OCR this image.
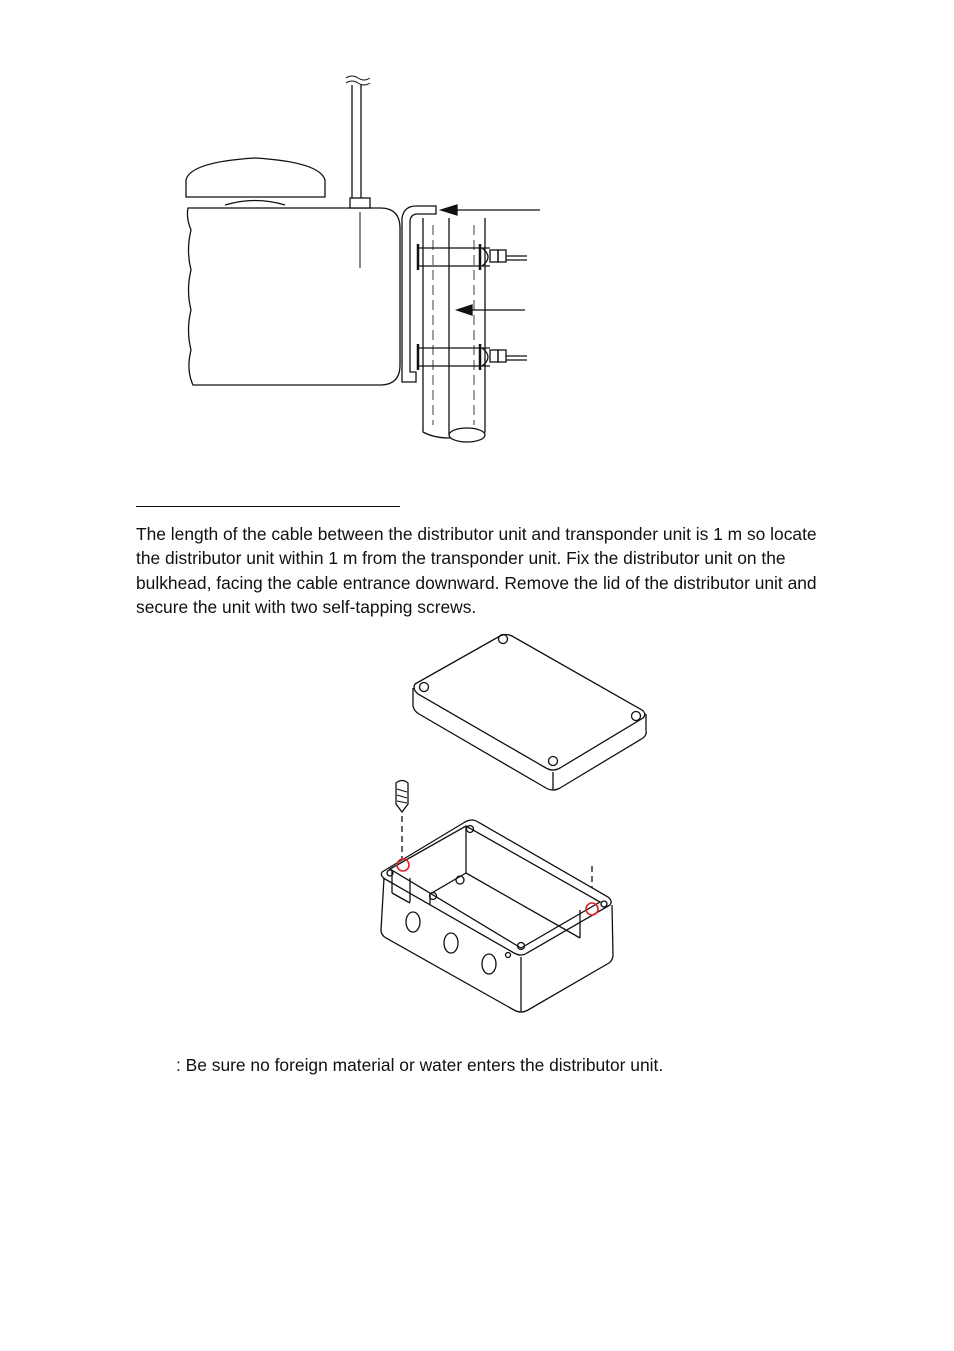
The length of the cable between the distributor unit and transponder unit is 1 m so locate the distributor unit within 1 m from the transponder unit. Fix the distributor unit on the bulkhead, facing the cable entrance downward. Remove the lid of the distributor unit and secure the unit with two self-tapping screws.

: Be sure no foreign material or water enters the distributor unit.
